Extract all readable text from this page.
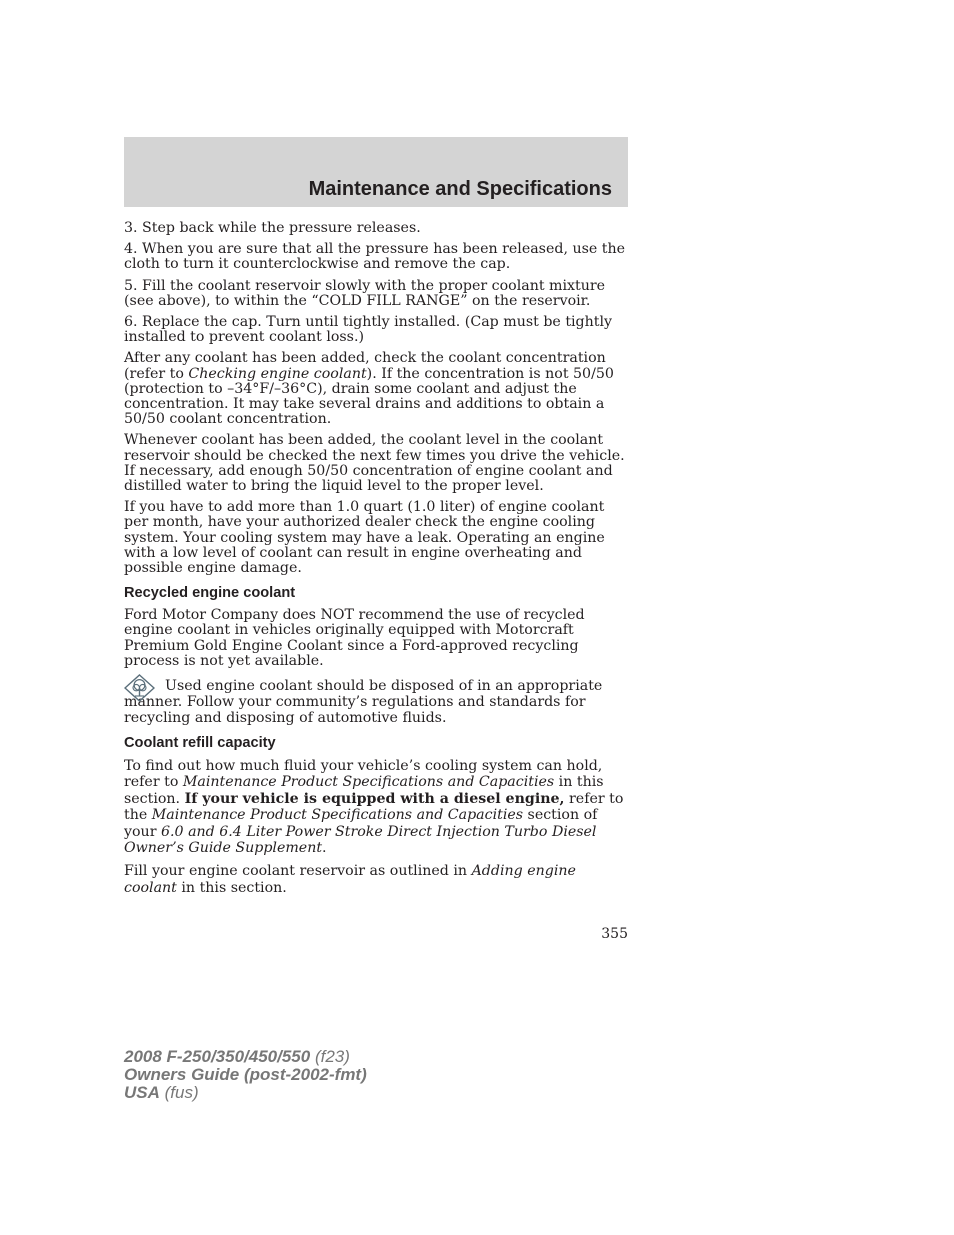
Maintenance and Specifications

3. Step back while the pressure releases.

4. When you are sure that all the pressure has been released, use the cloth to turn it counterclockwise and remove the cap.

5. Fill the coolant reservoir slowly with the proper coolant mixture (see above), to within the “COLD FILL RANGE” on the reservoir.

6. Replace the cap. Turn until tightly installed. (Cap must be tightly installed to prevent coolant loss.)

After any coolant has been added, check the coolant concentration (refer to Checking engine coolant). If the concentration is not 50/50 (protection to –34°F/–36°C), drain some coolant and adjust the concentration. It may take several drains and additions to obtain a 50/50 coolant concentration.

Whenever coolant has been added, the coolant level in the coolant reservoir should be checked the next few times you drive the vehicle. If necessary, add enough 50/50 concentration of engine coolant and distilled water to bring the liquid level to the proper level.

If you have to add more than 1.0 quart (1.0 liter) of engine coolant per month, have your authorized dealer check the engine cooling system. Your cooling system may have a leak. Operating an engine with a low level of coolant can result in engine overheating and possible engine damage.

Recycled engine coolant

Ford Motor Company does NOT recommend the use of recycled engine coolant in vehicles originally equipped with Motorcraft Premium Gold Engine Coolant since a Ford-approved recycling process is not yet available.

Used engine coolant should be disposed of in an appropriate manner. Follow your community’s regulations and standards for recycling and disposing of automotive fluids.

Coolant refill capacity

To find out how much fluid your vehicle’s cooling system can hold, refer to Maintenance Product Specifications and Capacities in this section. If your vehicle is equipped with a diesel engine, refer to the Maintenance Product Specifications and Capacities section of your 6.0 and 6.4 Liter Power Stroke Direct Injection Turbo Diesel Owner’s Guide Supplement.

Fill your engine coolant reservoir as outlined in Adding engine coolant in this section.

355
2008 F-250/350/450/550 (f23)
Owners Guide (post-2002-fmt)
USA (fus)
